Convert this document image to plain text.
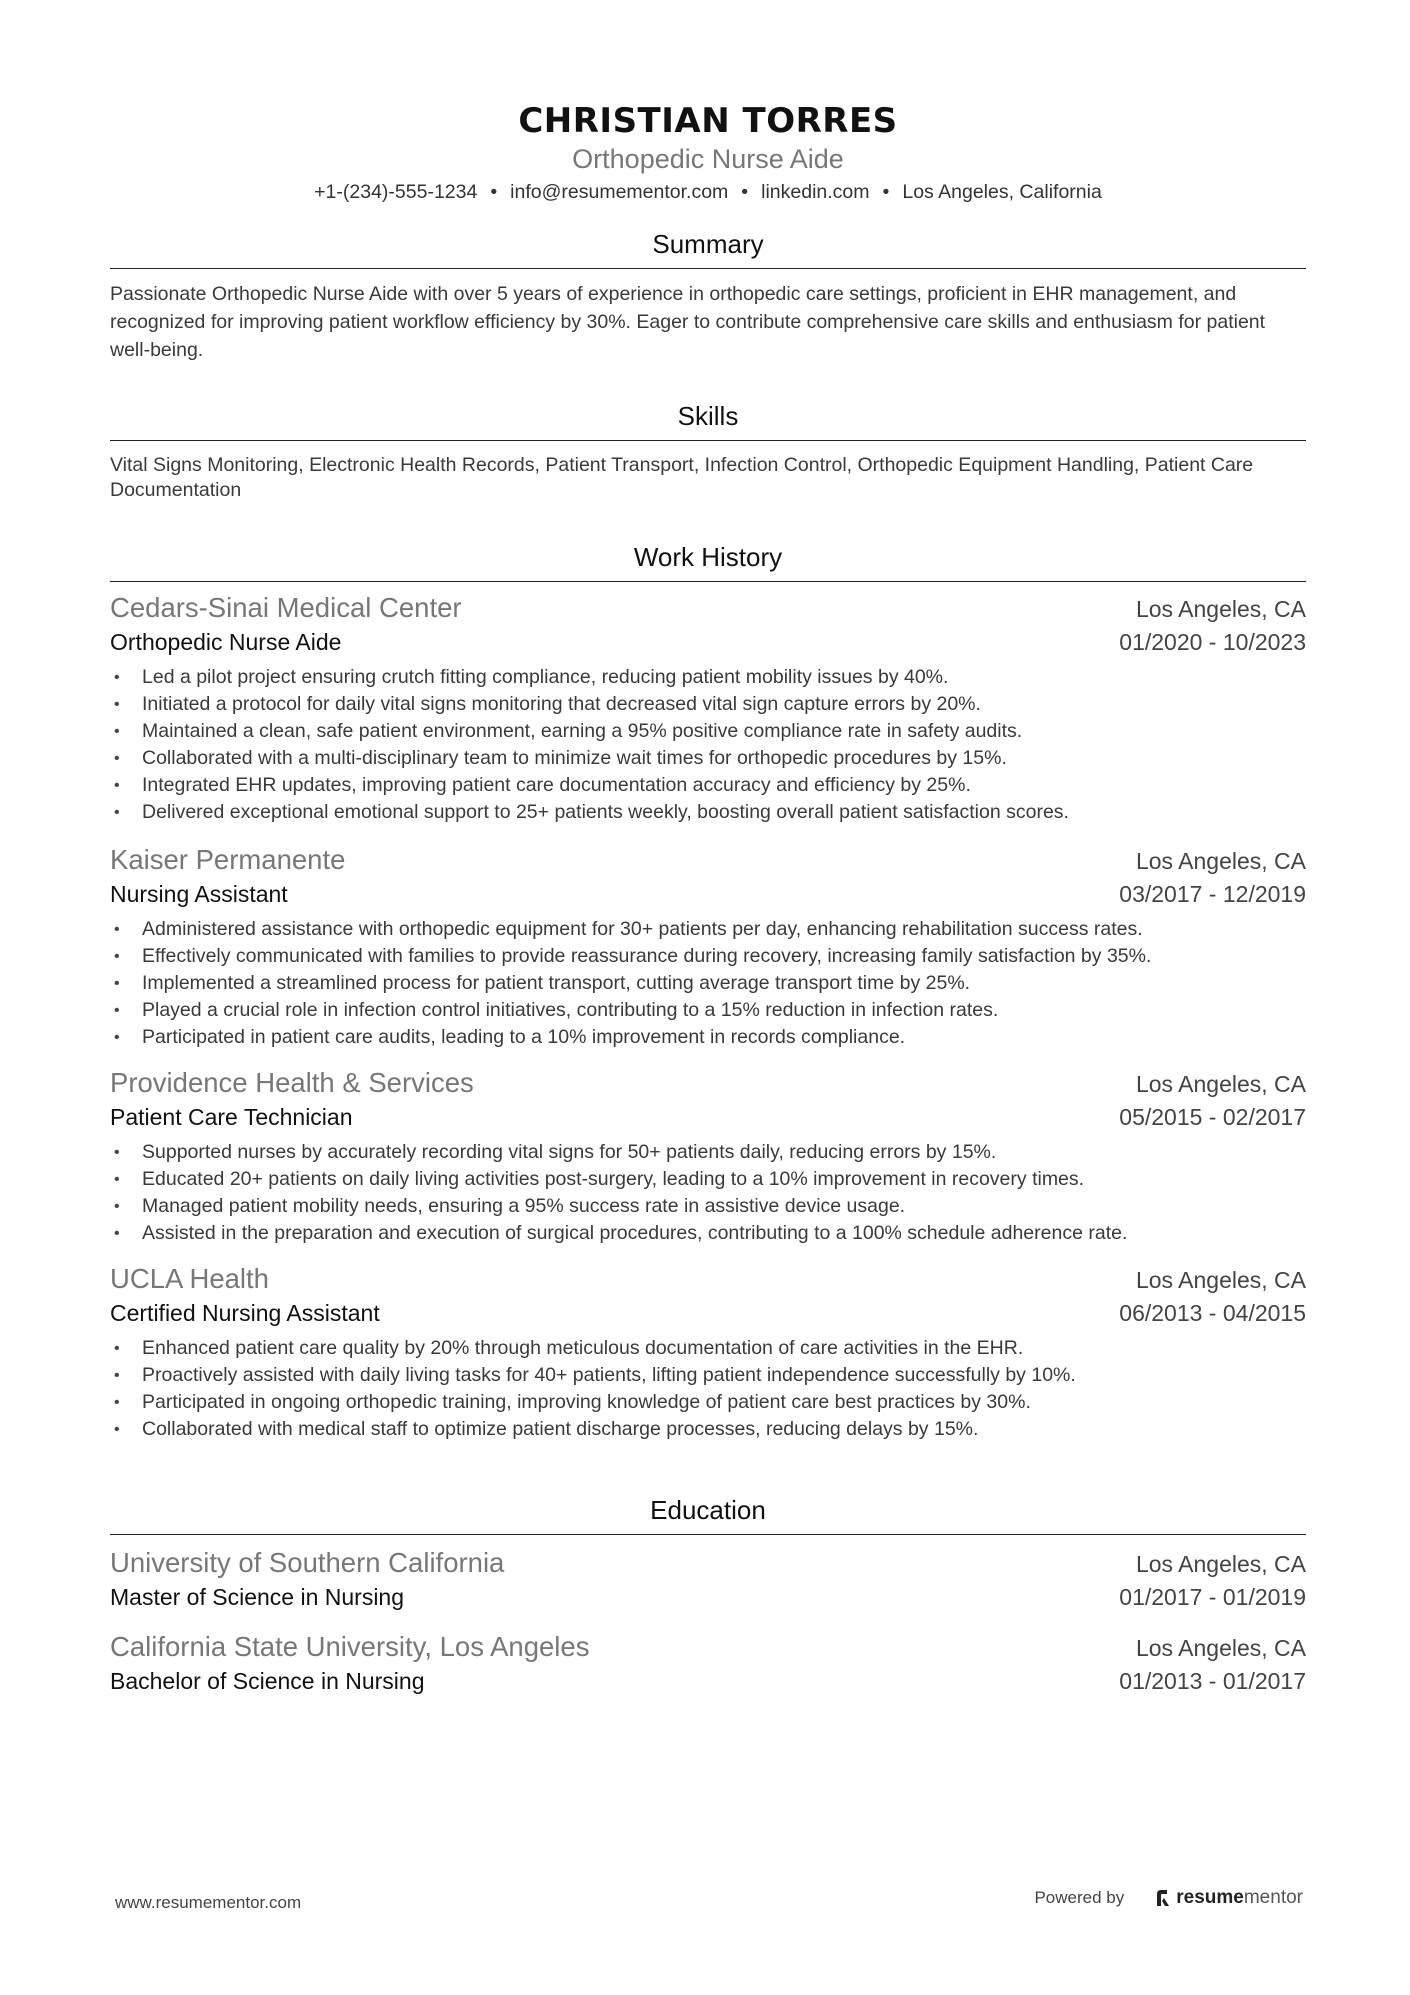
CHRISTIAN TORRES
Orthopedic Nurse Aide
+1-(234)-555-1234 • info@resumementor.com • linkedin.com • Los Angeles, California
Summary
Passionate Orthopedic Nurse Aide with over 5 years of experience in orthopedic care settings, proficient in EHR management, and recognized for improving patient workflow efficiency by 30%. Eager to contribute comprehensive care skills and enthusiasm for patient well-being.
Skills
Vital Signs Monitoring, Electronic Health Records, Patient Transport, Infection Control, Orthopedic Equipment Handling, Patient Care Documentation
Work History
Cedars-Sinai Medical Center	Los Angeles, CA
Orthopedic Nurse Aide	01/2020 - 10/2023
• Led a pilot project ensuring crutch fitting compliance, reducing patient mobility issues by 40%.
• Initiated a protocol for daily vital signs monitoring that decreased vital sign capture errors by 20%.
• Maintained a clean, safe patient environment, earning a 95% positive compliance rate in safety audits.
• Collaborated with a multi-disciplinary team to minimize wait times for orthopedic procedures by 15%.
• Integrated EHR updates, improving patient care documentation accuracy and efficiency by 25%.
• Delivered exceptional emotional support to 25+ patients weekly, boosting overall patient satisfaction scores.
Kaiser Permanente	Los Angeles, CA
Nursing Assistant	03/2017 - 12/2019
• Administered assistance with orthopedic equipment for 30+ patients per day, enhancing rehabilitation success rates.
• Effectively communicated with families to provide reassurance during recovery, increasing family satisfaction by 35%.
• Implemented a streamlined process for patient transport, cutting average transport time by 25%.
• Played a crucial role in infection control initiatives, contributing to a 15% reduction in infection rates.
• Participated in patient care audits, leading to a 10% improvement in records compliance.
Providence Health & Services	Los Angeles, CA
Patient Care Technician	05/2015 - 02/2017
• Supported nurses by accurately recording vital signs for 50+ patients daily, reducing errors by 15%.
• Educated 20+ patients on daily living activities post-surgery, leading to a 10% improvement in recovery times.
• Managed patient mobility needs, ensuring a 95% success rate in assistive device usage.
• Assisted in the preparation and execution of surgical procedures, contributing to a 100% schedule adherence rate.
UCLA Health	Los Angeles, CA
Certified Nursing Assistant	06/2013 - 04/2015
• Enhanced patient care quality by 20% through meticulous documentation of care activities in the EHR.
• Proactively assisted with daily living tasks for 40+ patients, lifting patient independence successfully by 10%.
• Participated in ongoing orthopedic training, improving knowledge of patient care best practices by 30%.
• Collaborated with medical staff to optimize patient discharge processes, reducing delays by 15%.
Education
University of Southern California	Los Angeles, CA
Master of Science in Nursing	01/2017 - 01/2019
California State University, Los Angeles	Los Angeles, CA
Bachelor of Science in Nursing	01/2013 - 01/2017
www.resumementor.com	Powered by	resume mentor
